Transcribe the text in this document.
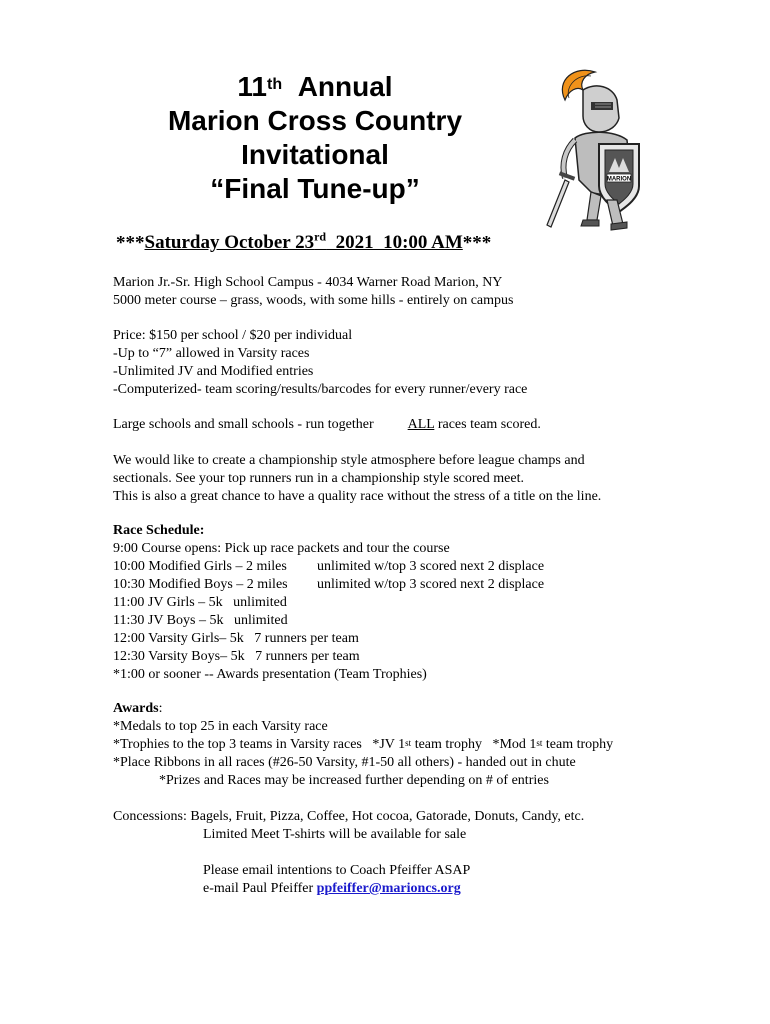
11th Annual
Marion Cross Country
Invitational
“Final Tune-up”	MARION
***Saturday October 23rd  2021  10:00 AM***
Marion Jr.-Sr. High School Campus - 4034 Warner Road Marion, NY
5000 meter course – grass, woods, with some hills - entirely on campus
Price: $150 per school / $20 per individual
-Up to “7” allowed in Varsity races
-Unlimited JV and Modified entries
-Computerized- team scoring/results/barcodes for every runner/every race
Large schools and small schools - run together ALL races team scored.
We would like to create a championship style atmosphere before league champs and
sectionals. See your top runners run in a championship style scored meet.
This is also a great chance to have a quality race without the stress of a title on the line.
Race Schedule:
9:00 Course opens: Pick up race packets and tour the course
10:00 Modified Girls – 2 miles unlimited w/top 3 scored next 2 displace
10:30 Modified Boys – 2 miles unlimited w/top 3 scored next 2 displace
11:00 JV Girls – 5k   unlimited
11:30 JV Boys – 5k   unlimited
12:00 Varsity Girls– 5k   7 runners per team
12:30 Varsity Boys– 5k   7 runners per team
*1:00 or sooner -- Awards presentation (Team Trophies)
Awards:
*Medals to top 25 in each Varsity race
*Trophies to the top 3 teams in Varsity races   *JV 1st team trophy   *Mod 1st team trophy
*Place Ribbons in all races (#26-50 Varsity, #1-50 all others) - handed out in chute
*Prizes and Races may be increased further depending on # of entries
Concessions: Bagels, Fruit, Pizza, Coffee, Hot cocoa, Gatorade, Donuts, Candy, etc.
Limited Meet T-shirts will be available for sale
Please email intentions to Coach Pfeiffer ASAP
e-mail Paul Pfeiffer ppfeiffer@marioncs.org
